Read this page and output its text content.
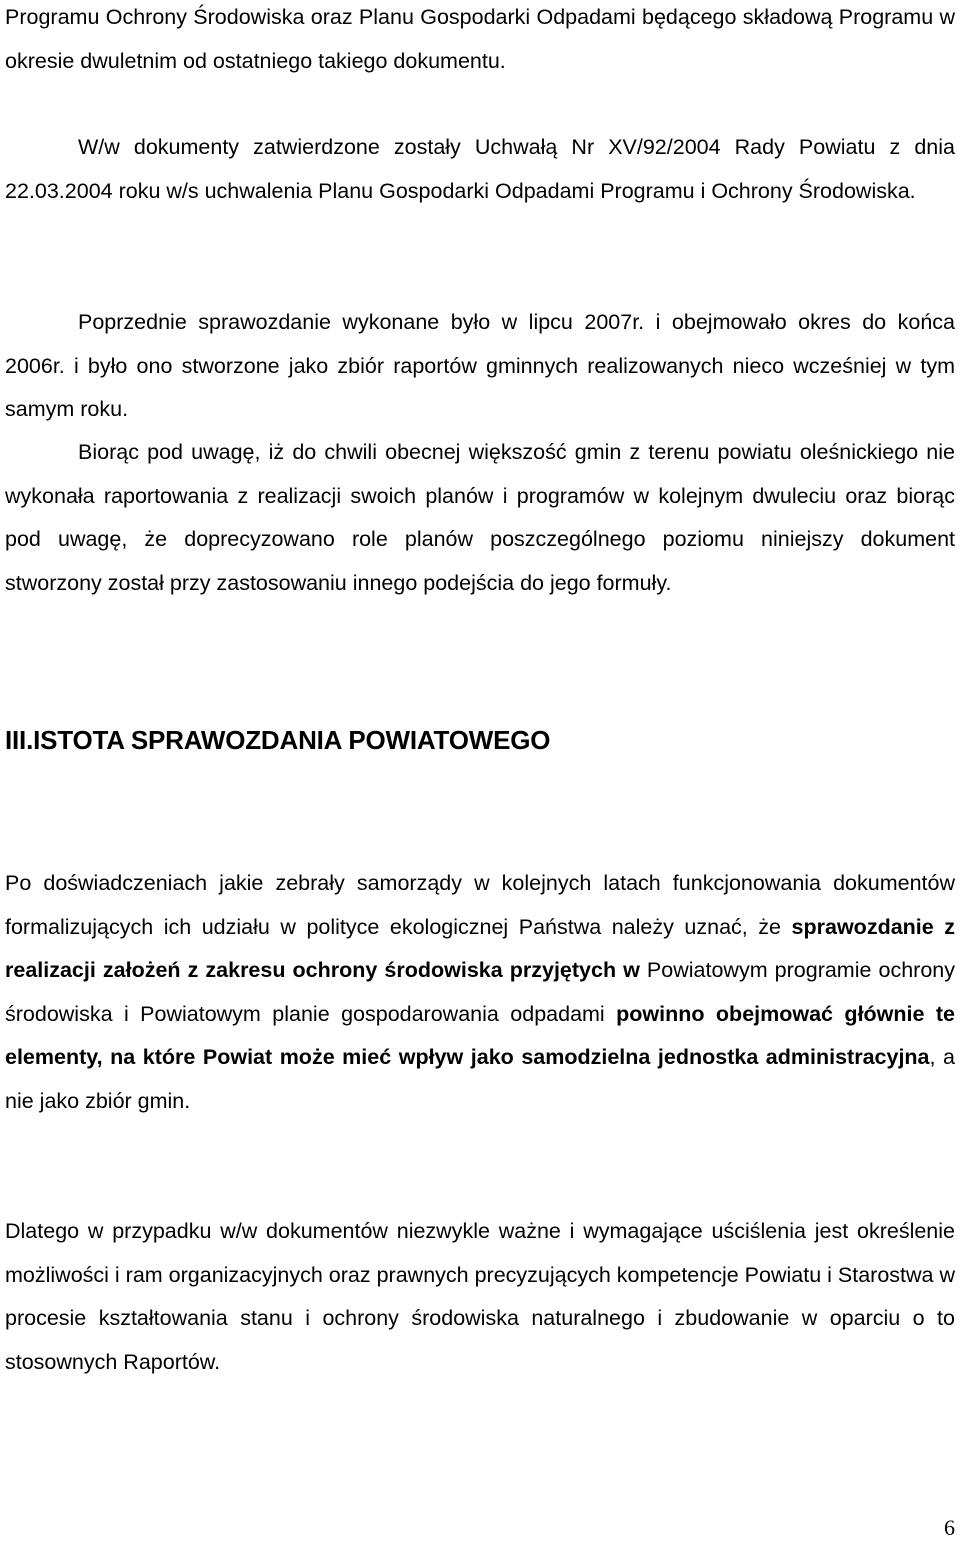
Programu Ochrony Środowiska oraz Planu Gospodarki Odpadami będącego składową Programu w okresie dwuletnim od ostatniego takiego dokumentu.

W/w dokumenty zatwierdzone zostały Uchwałą Nr XV/92/2004 Rady Powiatu z dnia 22.03.2004 roku w/s uchwalenia Planu Gospodarki Odpadami Programu i Ochrony Środowiska.

Poprzednie sprawozdanie wykonane było w lipcu 2007r. i obejmowało okres do końca 2006r. i było ono stworzone jako zbiór raportów gminnych realizowanych nieco wcześniej w tym samym roku.

Biorąc pod uwagę, iż do chwili obecnej większość gmin z terenu powiatu oleśnickiego nie wykonała raportowania z realizacji swoich planów i programów w kolejnym dwuleciu oraz biorąc pod uwagę, że doprecyzowano role planów poszczególnego poziomu niniejszy dokument stworzony został przy zastosowaniu innego podejścia do jego formuły.

III.ISTOTA SPRAWOZDANIA POWIATOWEGO

Po doświadczeniach jakie zebrały samorządy w kolejnych latach funkcjonowania dokumentów formalizujących ich udziału w polityce ekologicznej Państwa należy uznać, że sprawozdanie z realizacji założeń z zakresu ochrony środowiska przyjętych w Powiatowym programie ochrony środowiska i Powiatowym planie gospodarowania odpadami powinno obejmować głównie te elementy, na które Powiat może mieć wpływ jako samodzielna jednostka administracyjna, a nie jako zbiór gmin.

Dlatego w przypadku w/w dokumentów niezwykle ważne i wymagające uściślenia jest określenie możliwości i ram organizacyjnych oraz prawnych precyzujących kompetencje Powiatu i Starostwa w procesie kształtowania stanu i ochrony środowiska naturalnego i zbudowanie w oparciu o to stosownych Raportów.

6
